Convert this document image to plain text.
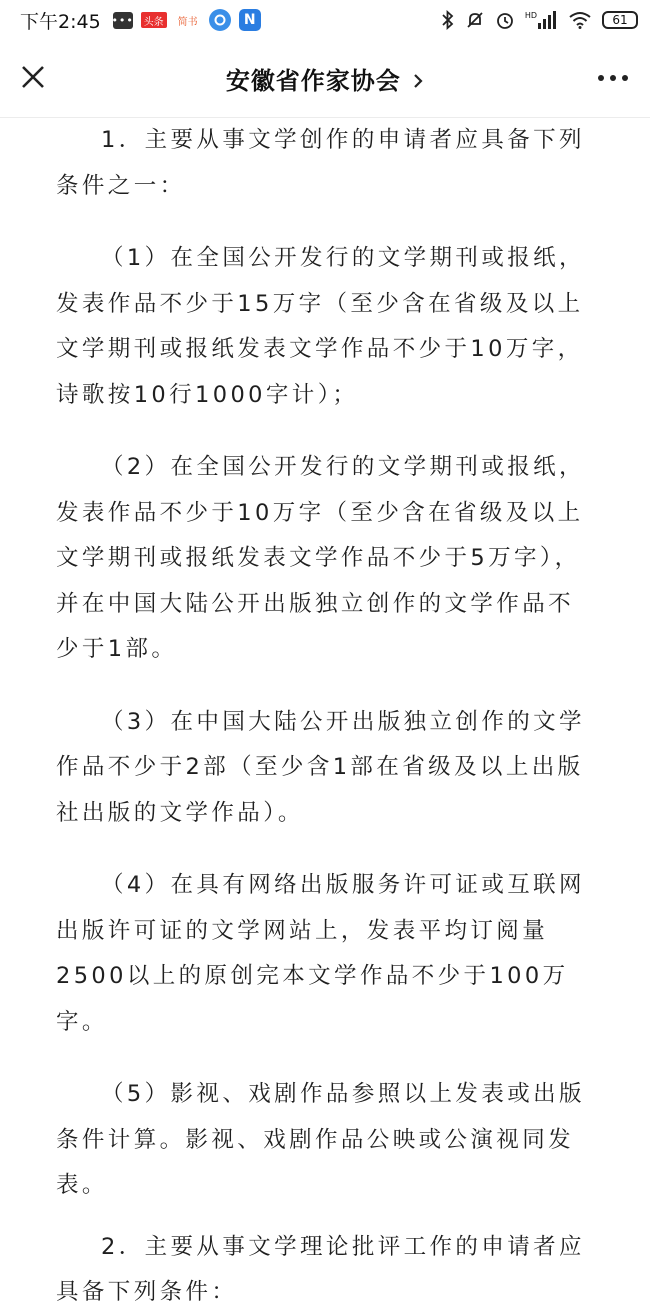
下午2:45 ••• 头条	简书	N	HD	61
安徽省作家协会

1．主要从事文学创作的申请者应具备下列条件之一：

（1）在全国公开发行的文学期刊或报纸，发表作品不少于15万字（至少含在省级及以上文学期刊或报纸发表文学作品不少于10万字，诗歌按10行1000字计）；

（2）在全国公开发行的文学期刊或报纸，发表作品不少于10万字（至少含在省级及以上文学期刊或报纸发表文学作品不少于5万字），并在中国大陆公开出版独立创作的文学作品不少于1部。

（3）在中国大陆公开出版独立创作的文学作品不少于2部（至少含1部在省级及以上出版社出版的文学作品）。

（4）在具有网络出版服务许可证或互联网出版许可证的文学网站上，发表平均订阅量2500以上的原创完本文学作品不少于100万字。

（5）影视、戏剧作品参照以上发表或出版条件计算。影视、戏剧作品公映或公演视同发表。

2．主要从事文学理论批评工作的申请者应具备下列条件：
